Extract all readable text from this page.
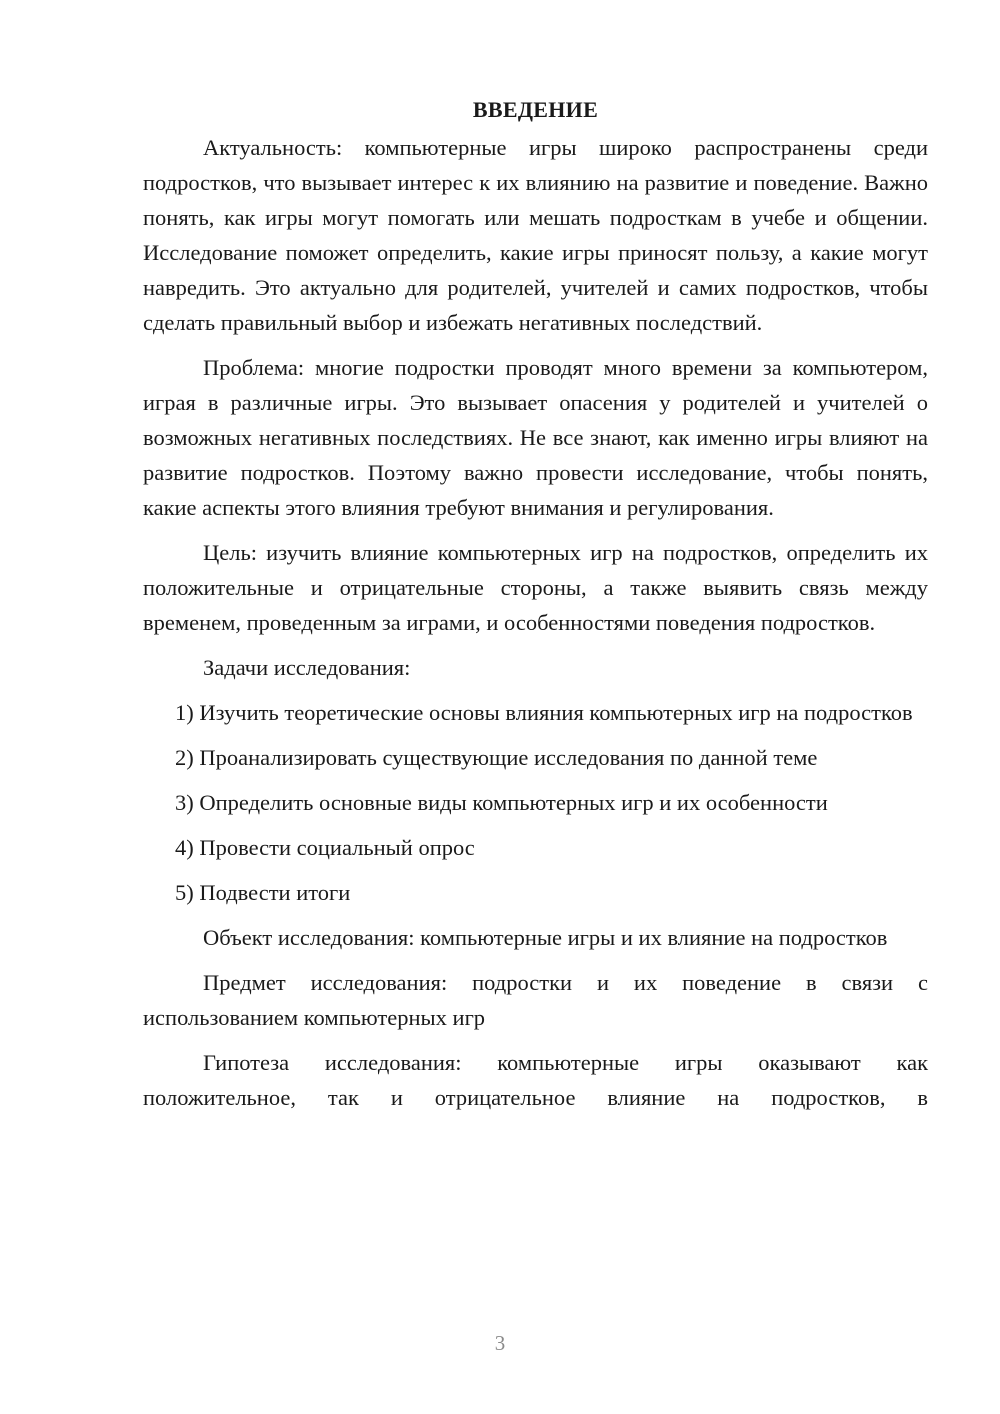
ВВЕДЕНИЕ

Актуальность: компьютерные игры широко распространены среди подростков, что вызывает интерес к их влиянию на развитие и поведение. Важно понять, как игры могут помогать или мешать подросткам в учебе и общении. Исследование поможет определить, какие игры приносят пользу, а какие могут навредить. Это актуально для родителей, учителей и самих подростков, чтобы сделать правильный выбор и избежать негативных последствий.

Проблема: многие подростки проводят много времени за компьютером, играя в различные игры. Это вызывает опасения у родителей и учителей о возможных негативных последствиях. Не все знают, как именно игры влияют на развитие подростков. Поэтому важно провести исследование, чтобы понять, какие аспекты этого влияния требуют внимания и регулирования.

Цель: изучить влияние компьютерных игр на подростков, определить их положительные и отрицательные стороны, а также выявить связь между временем, проведенным за играми, и особенностями поведения подростков.

Задачи исследования:

1) Изучить теоретические основы влияния компьютерных игр на подростков

2) Проанализировать существующие исследования по данной теме

3) Определить основные виды компьютерных игр и их особенности

4) Провести социальный опрос

5) Подвести итоги

Объект исследования: компьютерные игры и их влияние на подростков

Предмет исследования: подростки и их поведение в связи с использованием компьютерных игр

Гипотеза исследования: компьютерные игры оказывают как положительное, так и отрицательное влияние на подростков, в

3
